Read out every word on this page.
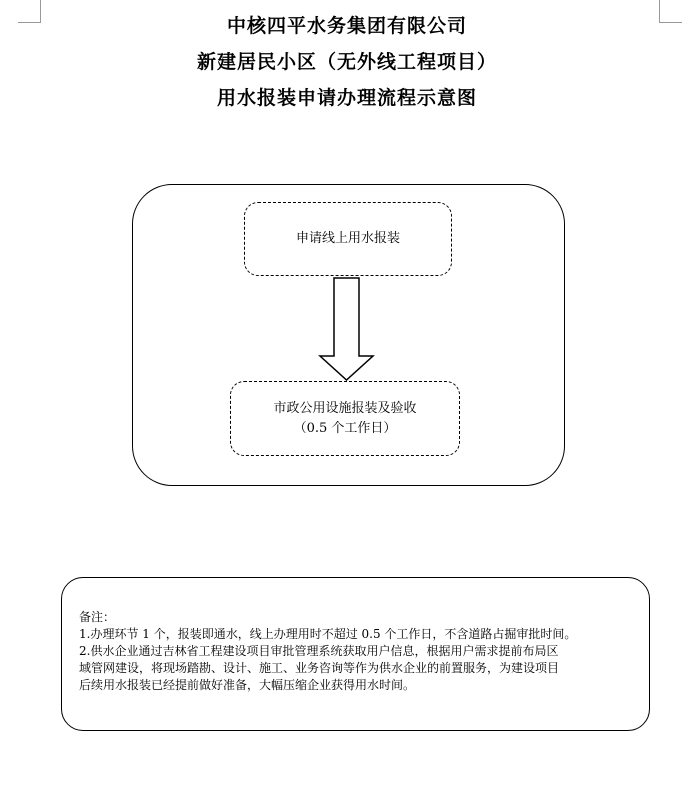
中核四平水务集团有限公司
新建居民小区（无外线工程项目）
用水报装申请办理流程示意图
申请线上用水报装
市政公用设施报装及验收
（0.5 个工作日）
备注：
1.办理环节 1 个，报装即通水，线上办理用时不超过 0.5 个工作日，不含道路占掘审批时间。
2.供水企业通过吉林省工程建设项目审批管理系统获取用户信息，根据用户需求提前布局区
域管网建设，将现场踏勘、设计、施工、业务咨询等作为供水企业的前置服务，为建设项目
后续用水报装已经提前做好准备，大幅压缩企业获得用水时间。
